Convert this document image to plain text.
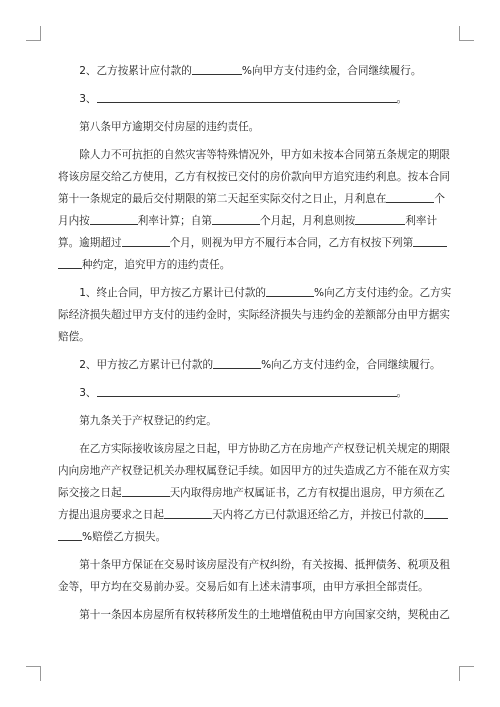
2、乙方按累计应付款的	%向甲方支付违约金，合同继续履行。

3、	。

第八条甲方逾期交付房屋的违约责任。

除人力不可抗拒的自然灾害等特殊情况外，甲方如未按本合同第五条规定的期限

将该房屋交给乙方使用，乙方有权按已交付的房价款向甲方追究违约利息。按本合同

第十一条规定的最后交付期限的第二天起至实际交付之日止，月利息在	个

月内按	利率计算；自第	个月起，月利息则按	利率计

算。逾期超过	个月，则视为甲方不履行本合同，乙方有权按下列第

种约定，追究甲方的违约责任。

1、终止合同，甲方按乙方累计已付款的	%向乙方支付违约金。乙方实

际经济损失超过甲方支付的违约金时，实际经济损失与违约金的差额部分由甲方据实

赔偿。

2、甲方按乙方累计已付款的	%向乙方支付违约金，合同继续履行。

3、	。

第九条关于产权登记的约定。

在乙方实际接收该房屋之日起，甲方协助乙方在房地产产权登记机关规定的期限

内向房地产产权登记机关办理权属登记手续。如因甲方的过失造成乙方不能在双方实

际交接之日起	天内取得房地产权属证书，乙方有权提出退房，甲方须在乙

方提出退房要求之日起	天内将乙方已付款退还给乙方，并按已付款的

%赔偿乙方损失。

第十条甲方保证在交易时该房屋没有产权纠纷，有关按揭、抵押债务、税项及租

金等，甲方均在交易前办妥。交易后如有上述未清事项，由甲方承担全部责任。

第十一条因本房屋所有权转移所发生的土地增值税由甲方向国家交纳，契税由乙
